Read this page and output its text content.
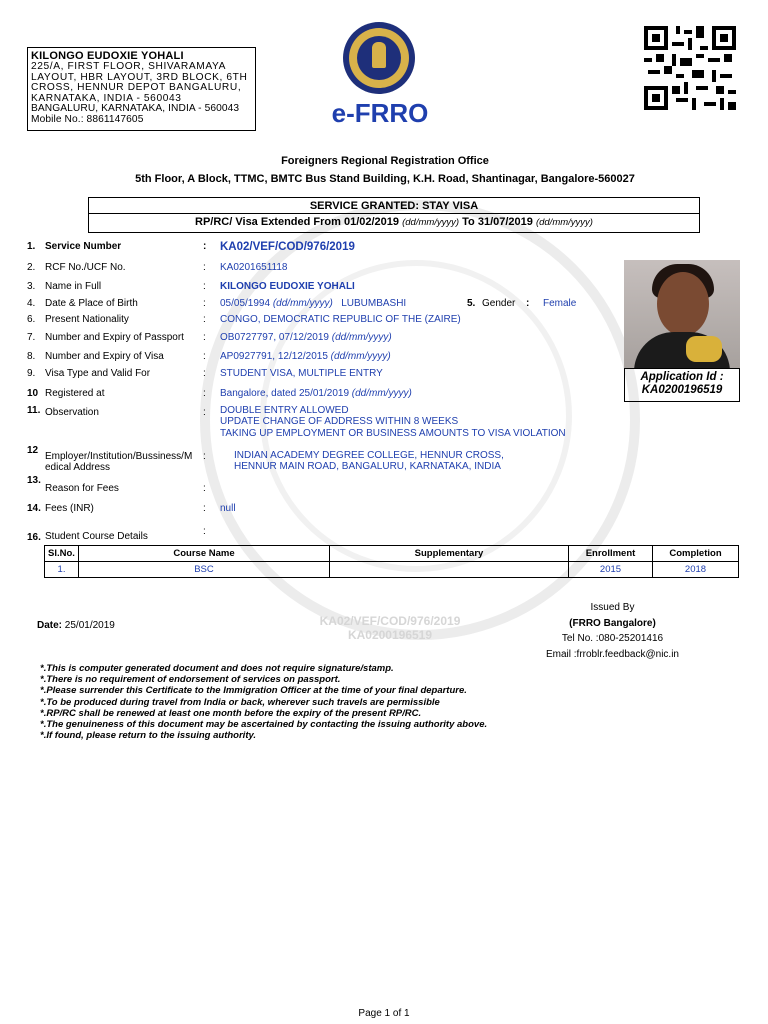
KILONGO EUDOXIE YOHALI
225/A, FIRST FLOOR, SHIVARAMAYA
LAYOUT, HBR LAYOUT, 3RD BLOCK, 6TH
CROSS, HENNUR DEPOT BANGALURU,
KARNATAKA, INDIA - 560043
BANGALURU, KARNATAKA, INDIA - 560043
Mobile No.: 8861147605	e-FRRO
Foreigners Regional Registration Office
5th Floor, A Block, TTMC, BMTC Bus Stand Building, K.H. Road, Shantinagar, Bangalore-560027
SERVICE GRANTED: STAY VISA
RP/RC/ Visa Extended From 01/02/2019 (dd/mm/yyyy) To 31/07/2019 (dd/mm/yyyy)
1. Service Number	: KA02/VEF/COD/976/2019
2. RCF No./UCF No.	: KA0201651118
3. Name in Full	: KILONGO EUDOXIE YOHALI
4. Date & Place of Birth	: 05/05/1994 (dd/mm/yyyy) LUBUMBASHI	5. Gender : Female
6. Present Nationality	: CONGO, DEMOCRATIC REPUBLIC OF THE (ZAIRE)
7. Number and Expiry of Passport : OB0727797, 07/12/2019 (dd/mm/yyyy)
8. Number and Expiry of Visa	: AP0927791, 12/12/2015 (dd/mm/yyyy)
9. Visa Type and Valid For	: STUDENT VISA, MULTIPLE ENTRY
10 Registered at	: Bangalore, dated 25/01/2019 (dd/mm/yyyy)
11. Observation	: DOUBLE ENTRY ALLOWED
UPDATE CHANGE OF ADDRESS WITHIN 8 WEEKS
TAKING UP EMPLOYMENT OR BUSINESS AMOUNTS TO VISA VIOLATION
12
Employer/Institution/Bussiness/M
edical Address
:	INDIAN ACADEMY DEGREE COLLEGE, HENNUR CROSS,
HENNUR MAIN ROAD, BANGALURU, KARNATAKA, INDIA
13.
Reason for Fees	:
14. Fees (INR)	: null
16. Student Course Details	:
Application Id :
KA0200196519
Sl.No.	Course Name	Supplementary	Enrollment	Completion
1.	BSC		2015	2018
Date: 25/01/2019	KA02/VEF/COD/976/2019
KA0200196519
Issued By
(FRRO Bangalore)
Tel No. :080-25201416
Email :frroblr.feedback@nic.in
*.This is computer generated document and does not require signature/stamp.
*.There is no requirement of endorsement of services on passport.
*.Please surrender this Certificate to the Immigration Officer at the time of your final departure.
*.To be produced during travel from India or back, wherever such travels are permissible
*.RP/RC shall be renewed at least one month before the expiry of the present RP/RC.
*.The genuineness of this document may be ascertained by contacting the issuing authority above.
*.If found, please return to the issuing authority.
Page 1 of 1
